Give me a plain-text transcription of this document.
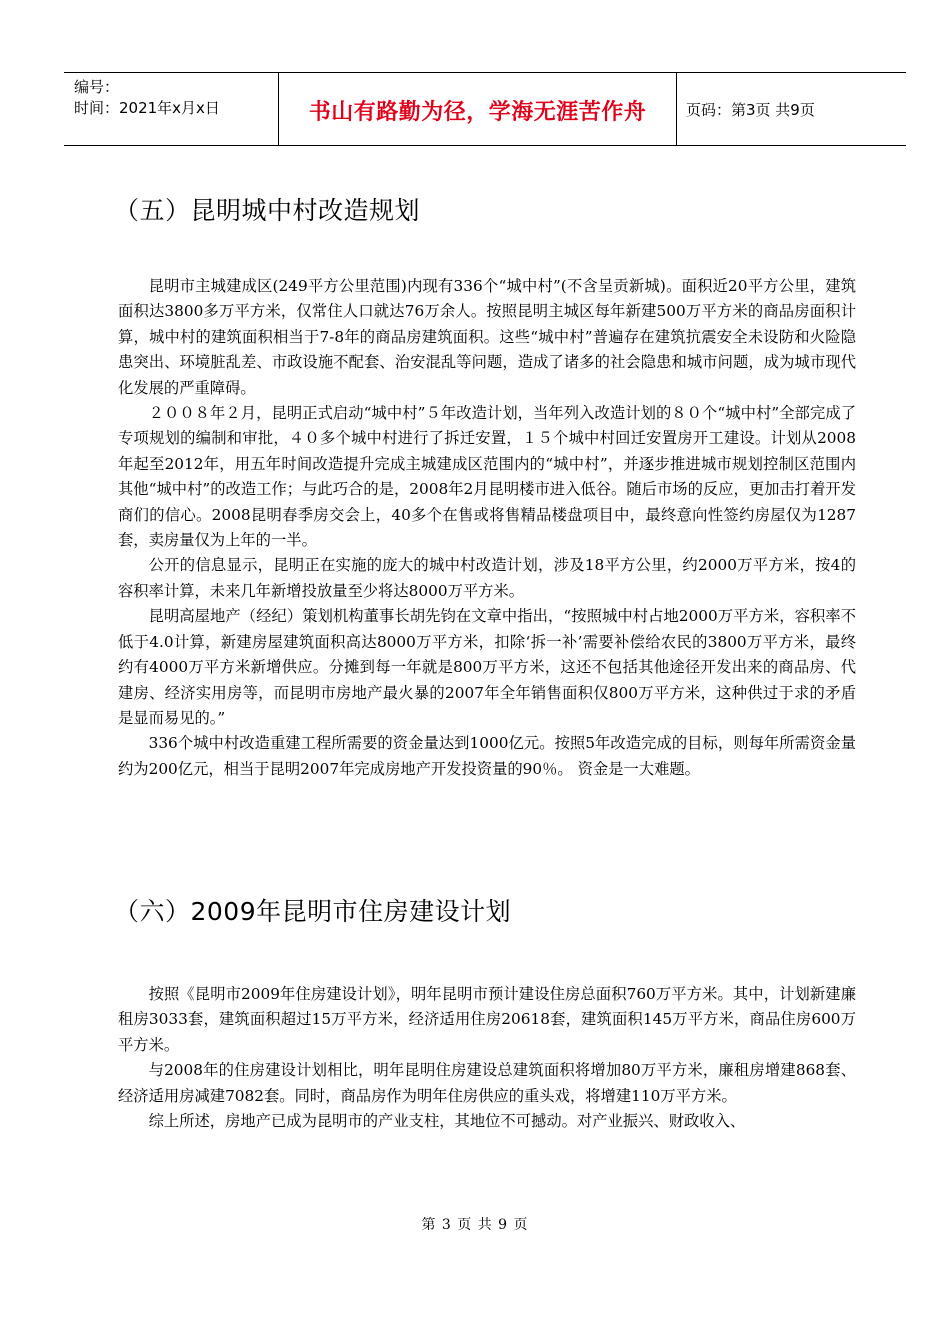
编号：
时间：2021年x月x日	书山有路勤为径，学海无涯苦作舟	页码：第3页 共9页
（五）昆明城中村改造规划

昆明市主城建成区(249平方公里范围)内现有336个“城中村”(不含呈贡新城)。面积近20平方公里，建筑面积达3800多万平方米，仅常住人口就达76万余人。按照昆明主城区每年新建500万平方米的商品房面积计算，城中村的建筑面积相当于7-8年的商品房建筑面积。这些“城中村”普遍存在建筑抗震安全未设防和火险隐患突出、环境脏乱差、市政设施不配套、治安混乱等问题，造成了诸多的社会隐患和城市问题，成为城市现代化发展的严重障碍。

２００８年２月，昆明正式启动“城中村”５年改造计划，当年列入改造计划的８０个“城中村”全部完成了专项规划的编制和审批，４０多个城中村进行了拆迁安置，１５个城中村回迁安置房开工建设。计划从2008年起至2012年，用五年时间改造提升完成主城建成区范围内的“城中村”，并逐步推进城市规划控制区范围内其他“城中村”的改造工作；与此巧合的是，2008年2月昆明楼市进入低谷。随后市场的反应，更加击打着开发商们的信心。2008昆明春季房交会上，40多个在售或将售精品楼盘项目中，最终意向性签约房屋仅为1287套，卖房量仅为上年的一半。

公开的信息显示，昆明正在实施的庞大的城中村改造计划，涉及18平方公里，约2000万平方米，按4的容积率计算，未来几年新增投放量至少将达8000万平方米。

昆明高屋地产（经纪）策划机构董事长胡先钧在文章中指出，“按照城中村占地2000万平方米，容积率不低于4.0计算，新建房屋建筑面积高达8000万平方米，扣除‘拆一补’需要补偿给农民的3800万平方米，最终约有4000万平方米新增供应。分摊到每一年就是800万平方米，这还不包括其他途径开发出来的商品房、代建房、经济实用房等，而昆明市房地产最火暴的2007年全年销售面积仅800万平方米，这种供过于求的矛盾是显而易见的。”

336个城中村改造重建工程所需要的资金量达到1000亿元。按照5年改造完成的目标，则每年所需资金量约为200亿元，相当于昆明2007年完成房地产开发投资量的90％。 资金是一大难题。

（六）2009年昆明市住房建设计划

按照《昆明市2009年住房建设计划》，明年昆明市预计建设住房总面积760万平方米。其中，计划新建廉租房3033套，建筑面积超过15万平方米，经济适用住房20618套，建筑面积145万平方米，商品住房600万平方米。

与2008年的住房建设计划相比，明年昆明住房建设总建筑面积将增加80万平方米，廉租房增建868套、经济适用房减建7082套。同时，商品房作为明年住房供应的重头戏，将增建110万平方米。

综上所述，房地产已成为昆明市的产业支柱，其地位不可撼动。对产业振兴、财政收入、

第 3 页 共 9 页
